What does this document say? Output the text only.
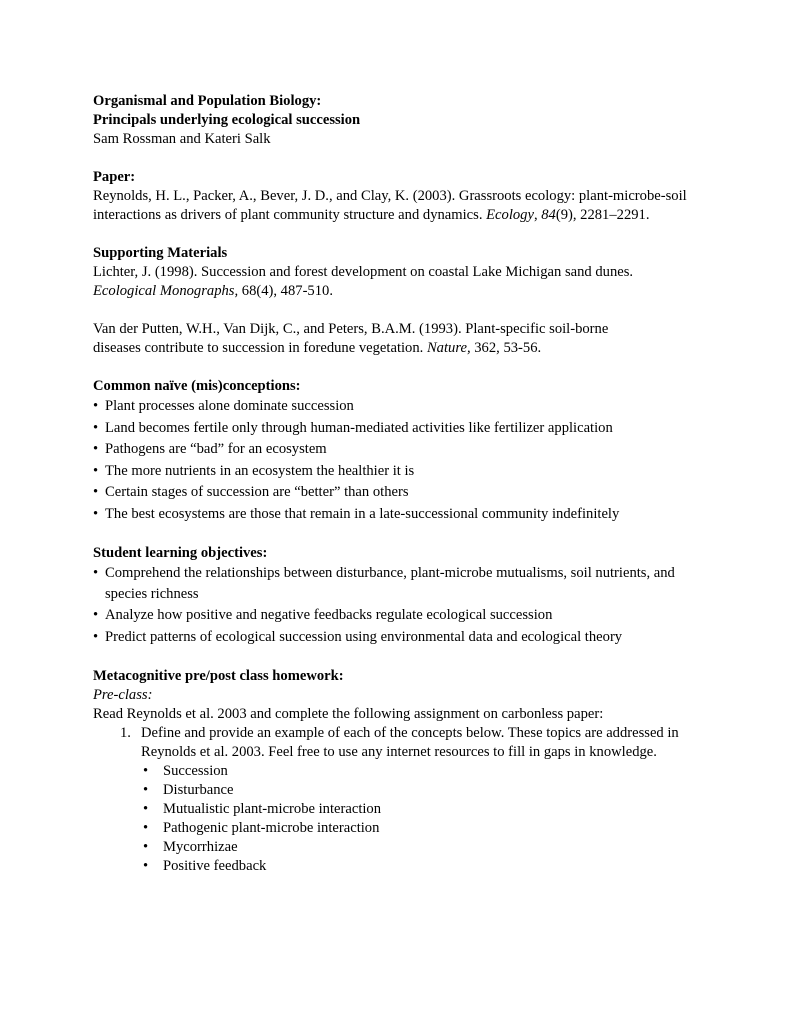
Organismal and Population Biology:

Principals underlying ecological succession

Sam Rossman and Kateri Salk

Paper:

Reynolds, H. L., Packer, A., Bever, J. D., and Clay, K. (2003). Grassroots ecology: plant-microbe-soil interactions as drivers of plant community structure and dynamics. Ecology, 84(9), 2281–2291.

Supporting Materials

Lichter, J. (1998). Succession and forest development on coastal Lake Michigan sand dunes.

Ecological Monographs, 68(4), 487-510.

Van der Putten, W.H., Van Dijk, C., and Peters, B.A.M. (1993). Plant-specific soil-borne diseases contribute to succession in foredune vegetation. Nature, 362, 53-56.

Common naïve (mis)conceptions:

• Plant processes alone dominate succession
• Land becomes fertile only through human-mediated activities like fertilizer application
• Pathogens are “bad” for an ecosystem
• The more nutrients in an ecosystem the healthier it is
• Certain stages of succession are “better” than others
• The best ecosystems are those that remain in a late-successional community indefinitely

Student learning objectives:

• Comprehend the relationships between disturbance, plant-microbe mutualisms, soil nutrients, and species richness
• Analyze how positive and negative feedbacks regulate ecological succession
• Predict patterns of ecological succession using environmental data and ecological theory

Metacognitive pre/post class homework:

Pre-class:

Read Reynolds et al. 2003 and complete the following assignment on carbonless paper:

1. Define and provide an example of each of the concepts below. These topics are addressed in Reynolds et al. 2003. Feel free to use any internet resources to fill in gaps in knowledge.
• Succession
• Disturbance
• Mutualistic plant-microbe interaction
• Pathogenic plant-microbe interaction
• Mycorrhizae
• Positive feedback
